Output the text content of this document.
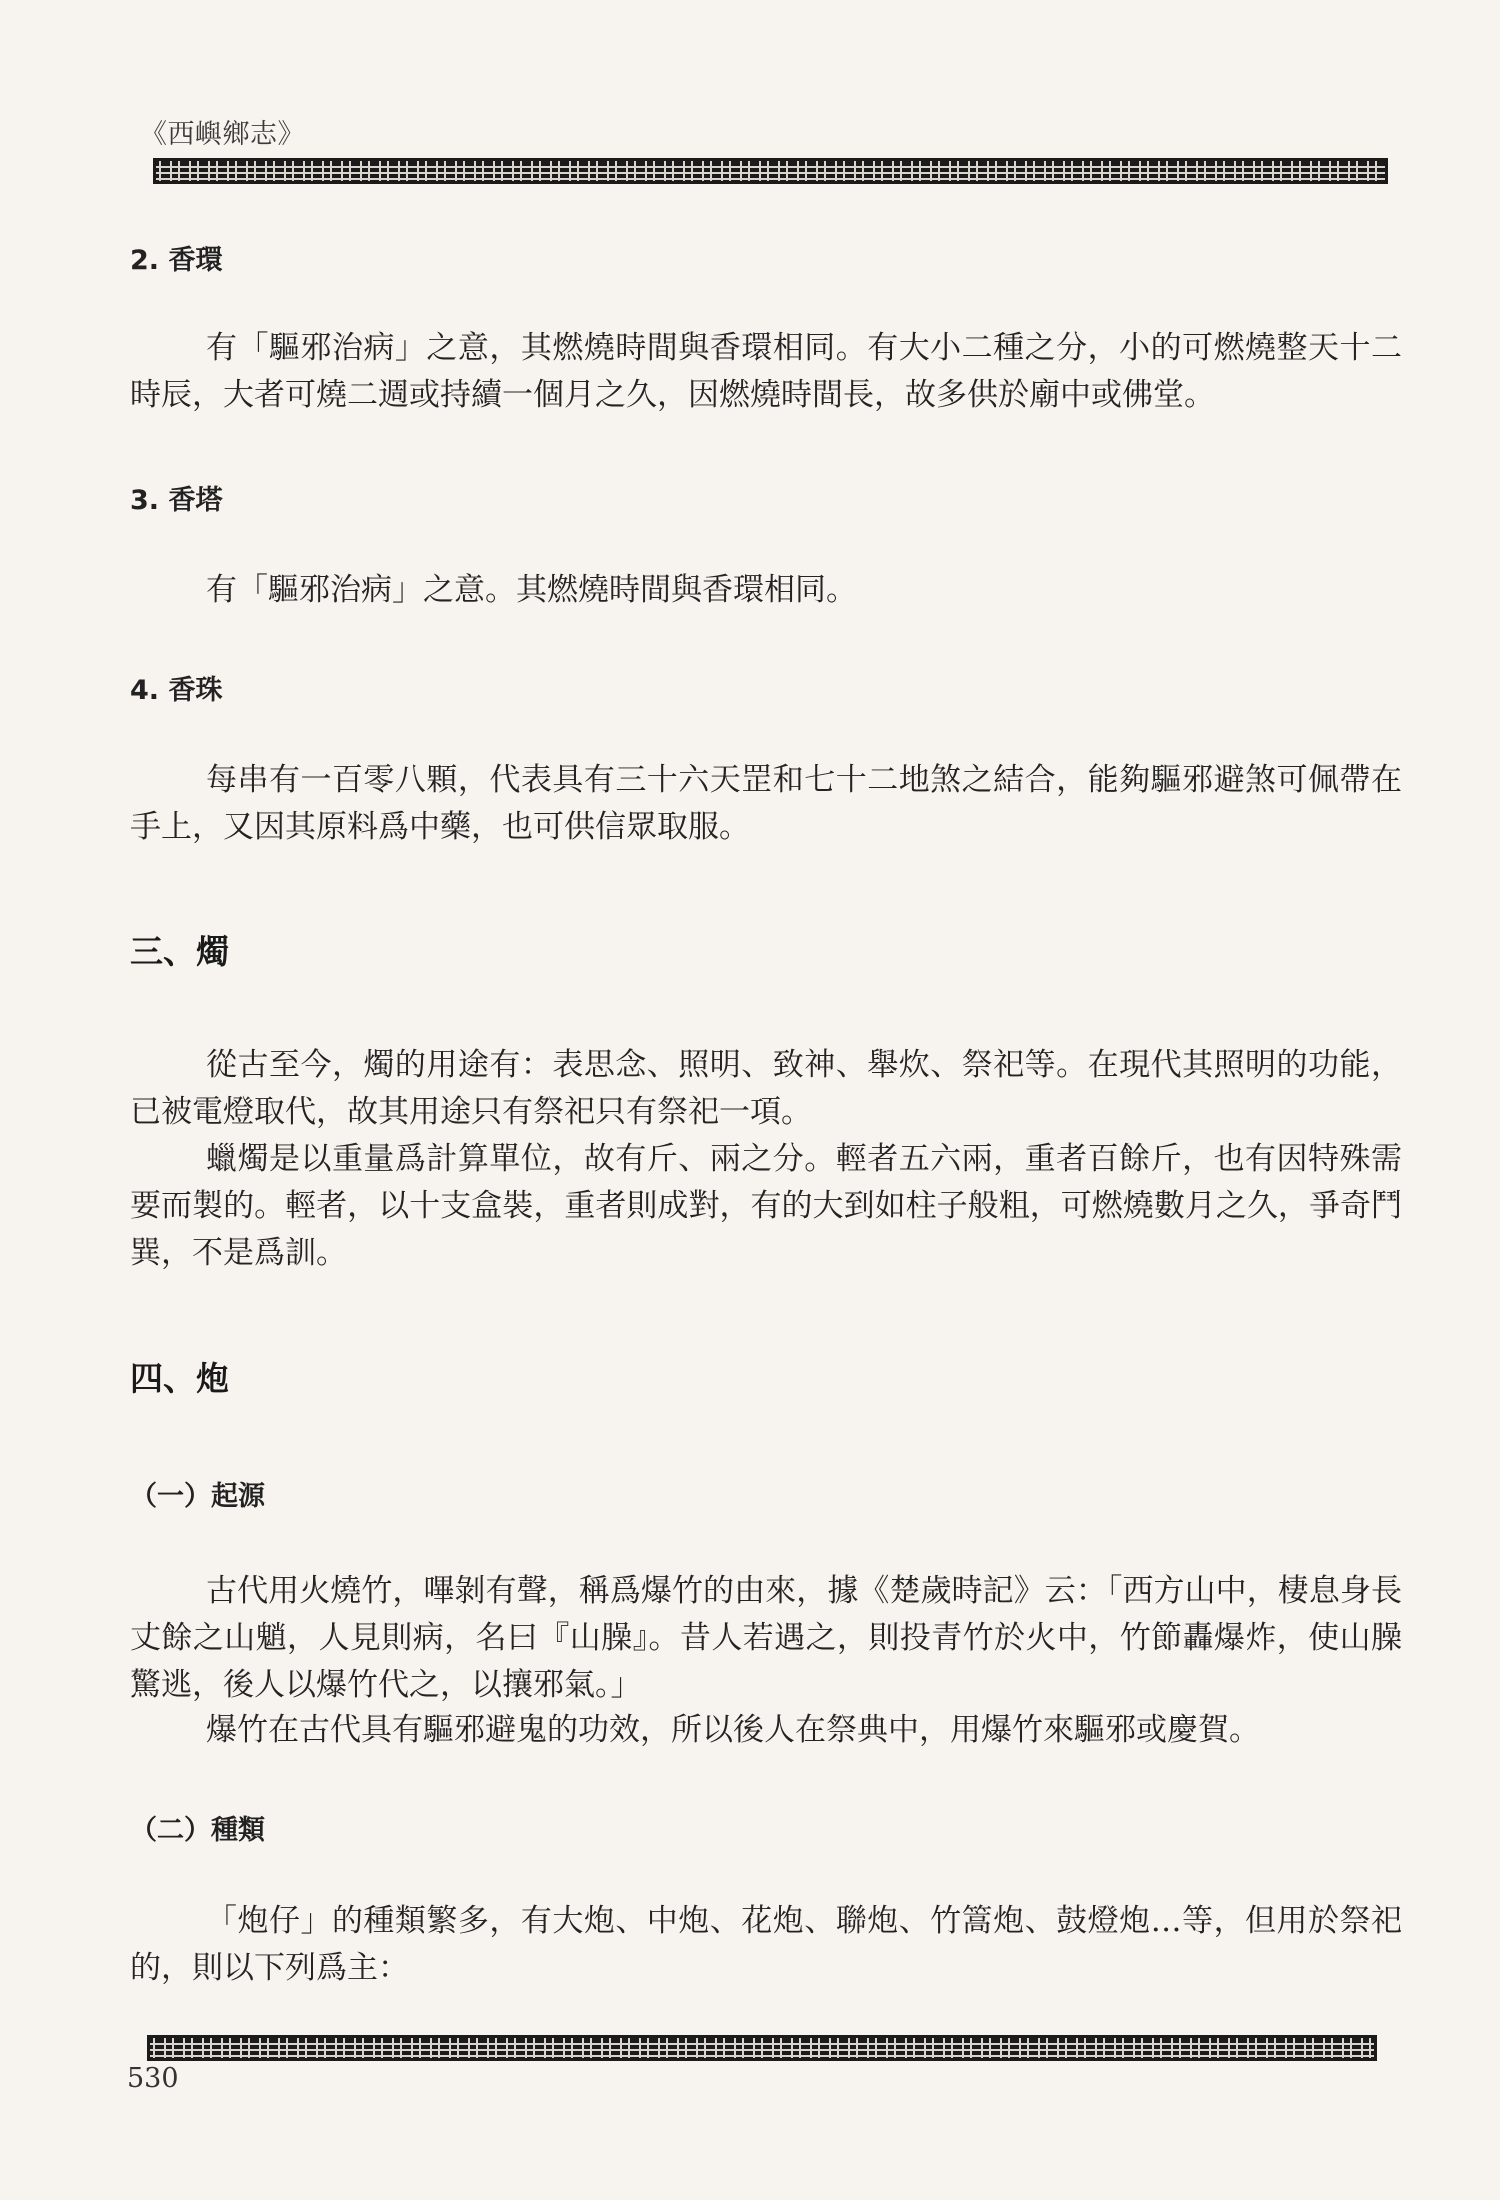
《西嶼鄉志》
2. 香環

有「驅邪治病」之意，其燃燒時間與香環相同。有大小二種之分，小的可燃燒整天十二時辰，大者可燒二週或持續一個月之久，因燃燒時間長，故多供於廟中或佛堂。

3. 香塔

有「驅邪治病」之意。其燃燒時間與香環相同。

4. 香珠

每串有一百零八顆，代表具有三十六天罡和七十二地煞之結合，能夠驅邪避煞可佩帶在手上，又因其原料爲中藥，也可供信眾取服。

三、燭

從古至今，燭的用途有：表思念、照明、致神、舉炊、祭祀等。在現代其照明的功能，已被電燈取代，故其用途只有祭祀只有祭祀一項。

蠟燭是以重量爲計算單位，故有斤、兩之分。輕者五六兩，重者百餘斤，也有因特殊需要而製的。輕者，以十支盒裝，重者則成對，有的大到如柱子般粗，可燃燒數月之久，爭奇鬥巽，不是爲訓。

四、炮
（一）起源

古代用火燒竹，嗶剝有聲，稱爲爆竹的由來，據《楚歲時記》云：「西方山中，棲息身長丈餘之山魈，人見則病，名曰『山臊』。昔人若遇之，則投青竹於火中，竹節轟爆炸，使山臊驚逃，後人以爆竹代之，以攘邪氣。」

爆竹在古代具有驅邪避鬼的功效，所以後人在祭典中，用爆竹來驅邪或慶賀。

（二）種類

「炮仔」的種類繁多，有大炮、中炮、花炮、聯炮、竹篙炮、鼓燈炮…等，但用於祭祀的，則以下列爲主：

530
